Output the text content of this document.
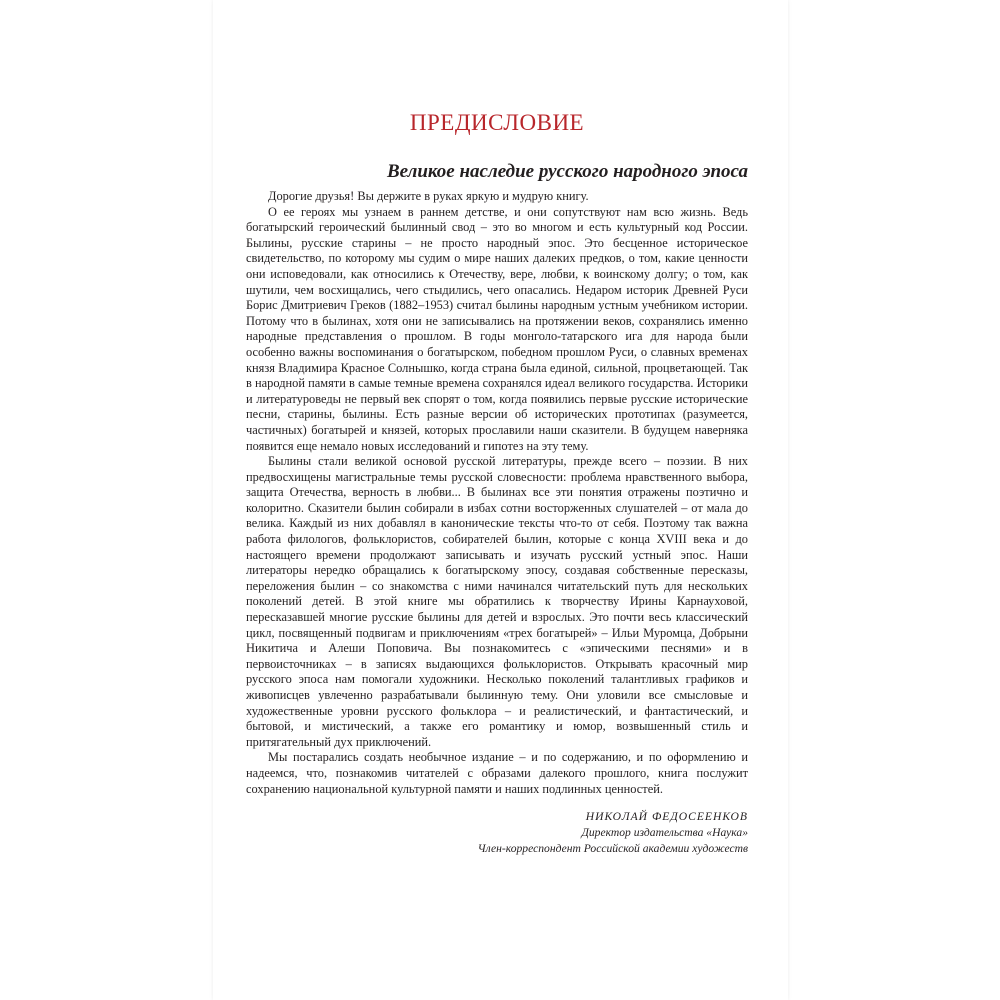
ПРЕДИСЛОВИЕ
Великое наследие русского народного эпоса

Дорогие друзья! Вы держите в руках яркую и мудрую книгу.

О ее героях мы узнаем в раннем детстве, и они сопутствуют нам всю жизнь. Ведь богатырский героический былинный свод – это во многом и есть культурный код России. Былины, русские старины – не просто народный эпос. Это бесценное историческое свидетельство, по которому мы судим о мире наших далеких предков, о том, какие ценности они исповедовали, как относились к Отечеству, вере, любви, к воинскому долгу; о том, как шутили, чем восхищались, чего стыдились, чего опасались. Недаром историк Древней Руси Борис Дмитриевич Греков (1882–1953) считал былины народным устным учебником истории. Потому что в былинах, хотя они не записывались на протяжении веков, сохранялись именно народные представления о прошлом. В годы монголо-татарского ига для народа были особенно важны воспоминания о богатырском, победном прошлом Руси, о славных временах князя Владимира Красное Солнышко, когда страна была единой, сильной, процветающей. Так в народной памяти в самые темные времена сохранялся идеал великого государства. Историки и литературоведы не первый век спорят о том, когда появились первые русские исторические песни, старины, былины. Есть разные версии об исторических прототипах (разумеется, частичных) богатырей и князей, которых прославили наши сказители. В будущем наверняка появится еще немало новых исследований и гипотез на эту тему.

Былины стали великой основой русской литературы, прежде всего – поэзии. В них предвосхищены магистральные темы русской словесности: проблема нравственного выбора, защита Отечества, верность в любви... В былинах все эти понятия отражены поэтично и колоритно. Сказители былин собирали в избах сотни восторженных слушателей – от мала до велика. Каждый из них добавлял в канонические тексты что-то от себя. Поэтому так важна работа филологов, фольклористов, собирателей былин, которые с конца XVIII века и до настоящего времени продолжают записывать и изучать русский устный эпос. Наши литераторы нередко обращались к богатырскому эпосу, создавая собственные пересказы, переложения былин – со знакомства с ними начинался читательский путь для нескольких поколений детей. В этой книге мы обратились к творчеству Ирины Карнауховой, пересказавшей многие русские былины для детей и взрослых. Это почти весь классический цикл, посвященный подвигам и приключениям «трех богатырей» – Ильи Муромца, Добрыни Никитича и Алеши Поповича. Вы познакомитесь с «эпическими песнями» и в первоисточниках – в записях выдающихся фольклористов. Открывать красочный мир русского эпоса нам помогали художники. Несколько поколений талантливых графиков и живописцев увлеченно разрабатывали былинную тему. Они уловили все смысловые и художественные уровни русского фольклора – и реалистический, и фантастический, и бытовой, и мистический, а также его романтику и юмор, возвышенный стиль и притягательный дух приключений.

Мы постарались создать необычное издание – и по содержанию, и по оформлению и надеемся, что, познакомив читателей с образами далекого прошлого, книга послужит сохранению национальной культурной памяти и наших подлинных ценностей.

НИКОЛАЙ ФЕДОСЕЕНКОВ
Директор издательства «Наука»
Член-корреспондент Российской академии художеств
